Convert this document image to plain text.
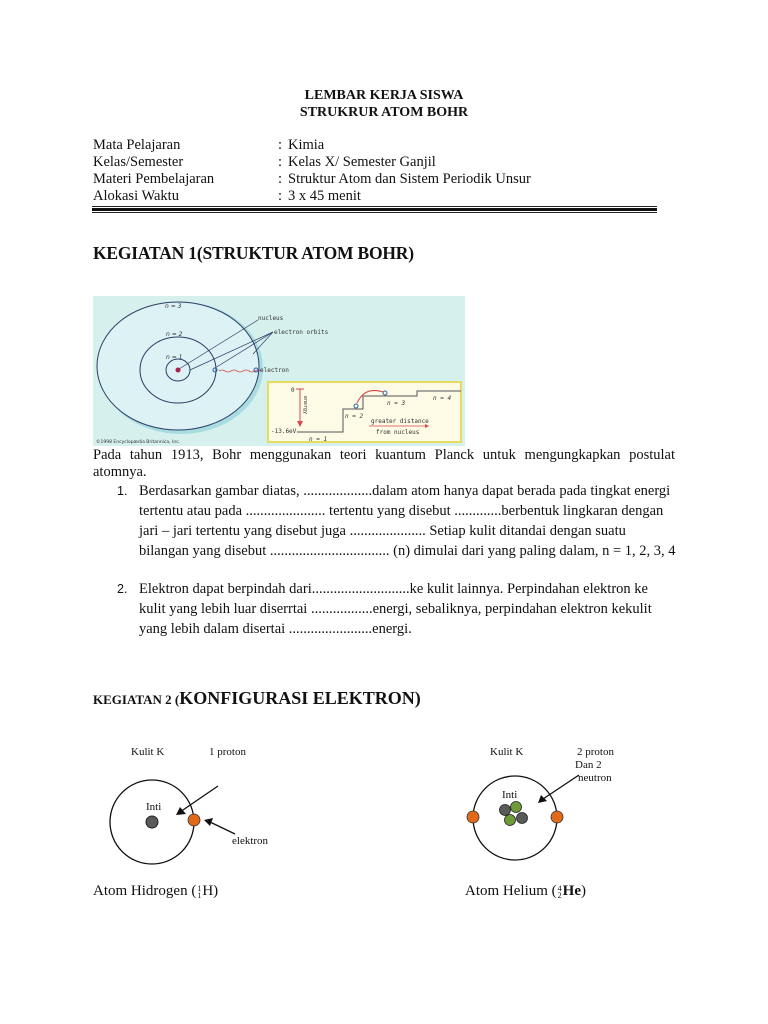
LEMBAR KERJA SISWA
STRUKRUR ATOM BOHR
Mata Pelajaran	: Kimia
Kelas/Semester	: Kelas X/ Semester Ganjil
Materi Pembelajaran	: Struktur Atom dan Sistem Periodik Unsur
Alokasi Waktu	: 3 x 45 menit
KEGIATAN 1(STRUKTUR ATOM BOHR)
n = 3
n = 2
n = 1
nucleus
electron orbits
electron
©1998 Encyclopædia Britannica, Inc.
0
energy
-13.6eV
n = 1
n = 2
n = 3
n = 4
greater distance
from nucleus
Pada tahun 1913, Bohr menggunakan teori kuantum Planck untuk mengungkapkan postulat atomnya.
1. Berdasarkan gambar diatas, ...................dalam atom hanya dapat berada pada tingkat energi tertentu atau pada ...................... tertentu yang disebut .............berbentuk lingkaran dengan jari – jari tertentu yang disebut juga ..................... Setiap kulit ditandai dengan suatu bilangan yang disebut ................................. (n) dimulai dari yang paling dalam, n = 1, 2, 3, 4
2. Elektron dapat berpindah dari...........................ke kulit lainnya. Perpindahan elektron ke kulit yang lebih luar diserrtai .................energi, sebaliknya, perpindahan elektron kekulit yang lebih dalam disertai .......................energi.
KEGIATAN 2 (KONFIGURASI ELEKTRON)
Kulit K	1 proton
Inti
elektron
Atom Hidrogen (1
1H)
Kulit K	2 proton
Dan 2
neutron
Inti
Atom Helium (4
2He)
